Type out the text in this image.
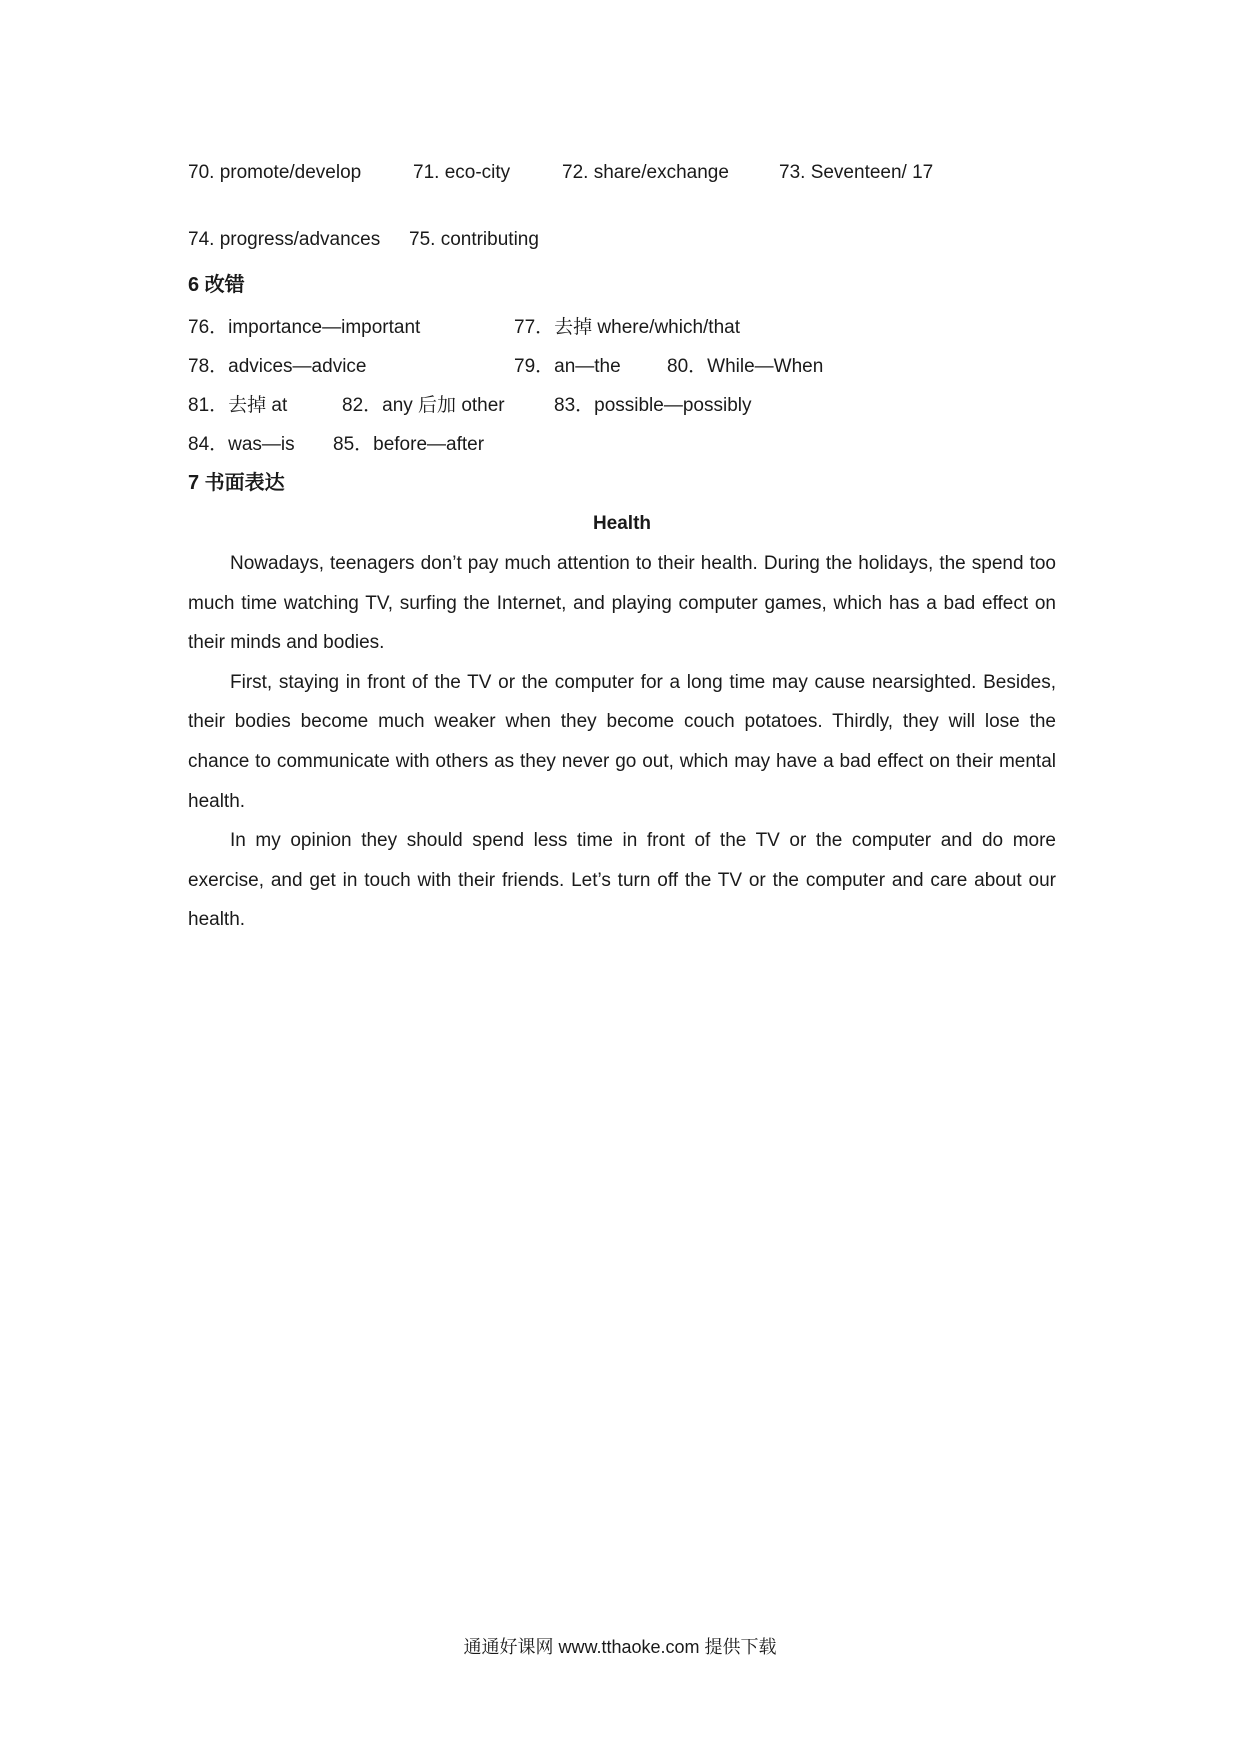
70. promote/develop	71. eco-city	72. share/exchange	73. Seventeen/ 17
74. progress/advances 75. contributing
6 改错
76．importance—important	77．去掉 where/which/that
78．advices—advice	79．an—the 80．While—When
81．去掉 at	82．any 后加 other	83．possible—possibly
84．was—is 85．before—after
7 书面表达
Health

Nowadays, teenagers don’t pay much attention to their health. During the holidays, the spend too much time watching TV, surfing the Internet, and playing computer games, which has a bad effect on their minds and bodies.

First, staying in front of the TV or the computer for a long time may cause nearsighted. Besides, their bodies become much weaker when they become couch potatoes. Thirdly, they will lose the chance to communicate with others as they never go out, which may have a bad effect on their mental health.

In my opinion they should spend less time in front of the TV or the computer and do more exercise, and get in touch with their friends. Let’s turn off the TV or the computer and care about our health.

通通好课网 www.tthaoke.com 提供下载
